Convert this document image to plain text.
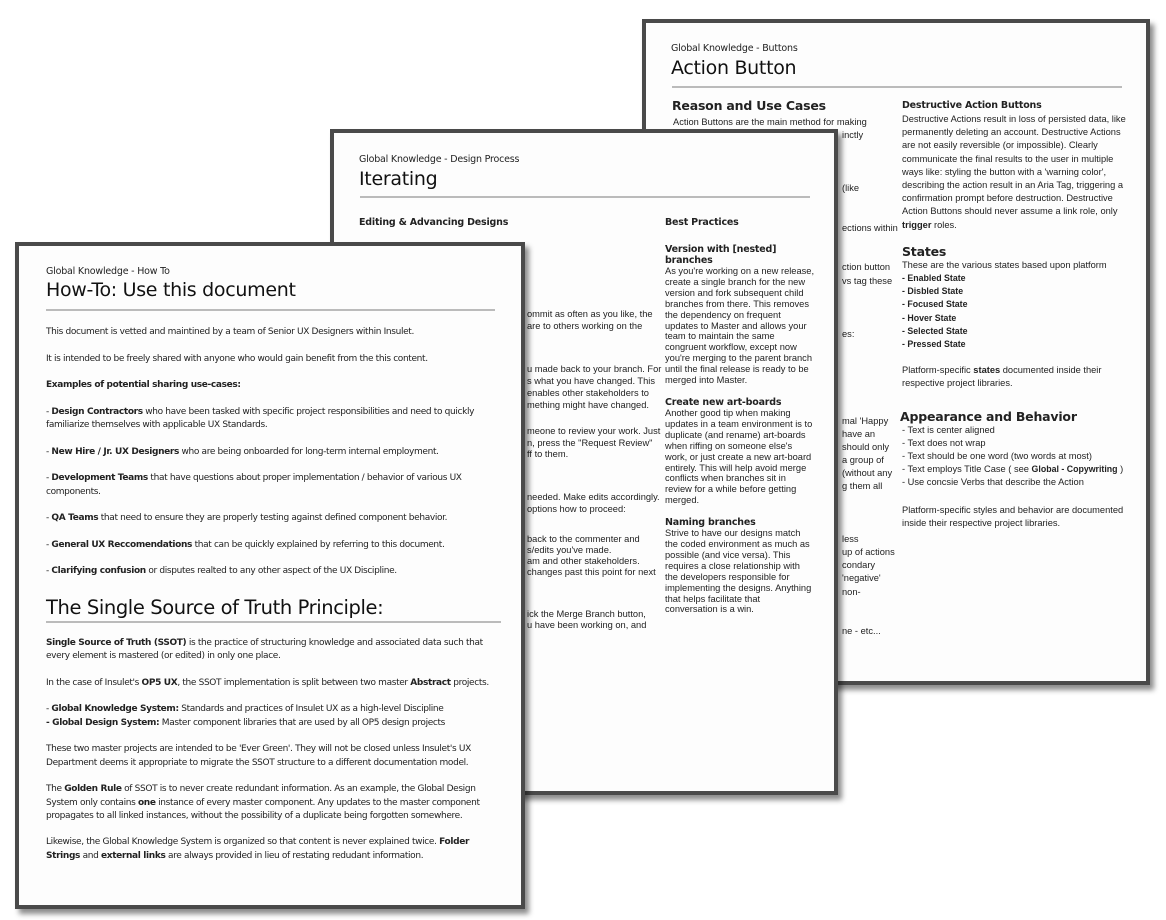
Global Knowledge - Buttons
Action Button
Reason and Use Cases
Action Buttons are the main method for making
inctly
(like
ections within
ction button
vs tag these
es:
mal 'Happy
have an
should only
a group of
(without any
g them all
less
up of actions
condary
'negative'
non-
ne - etc...
Destructive Action Buttons
Destructive Actions result in loss of persisted data, like permanently deleting an account. Destructive Actions are not easily reversible (or impossible). Clearly communicate the final results to the user in multiple ways like: styling the button with a 'warning color', describing the action result in an Aria Tag, triggering a confirmation prompt before destruction. Destructive Action Buttons should never assume a link role, only trigger roles.
States
These are the various states based upon platform
- Enabled State
- Disbled State
- Focused State
- Hover State
- Selected State
- Pressed State
Platform-specific states documented inside their respective project libraries.
Appearance and Behavior
- Text is center aligned
- Text does not wrap
- Text should be one word (two words at most)
- Text employs Title Case ( see Global - Copywriting )
- Use concsie Verbs that describe the Action
Platform-specific styles and behavior are documented inside their respective project libraries.
Global Knowledge - Design Process
Iterating
Editing & Advancing Designs
ommit as often as you like, the
are to others working on the
u made back to your branch. For
s what you have changed. This
enables other stakeholders to
mething might have changed.
meone to review your work. Just
n, press the "Request Review"
ff to them.
needed. Make edits accordingly.
options how to proceed:
back to the commenter and
s/edits you've made.
am and other stakeholders.
changes past this point for next
ick the Merge Branch button,
u have been working on, and
Best Practices
Version with [nested] branches
As you're working on a new release, create a single branch for the new version and fork subsequent child branches from there. This removes the dependency on frequent updates to Master and allows your team to maintain the same congruent workflow, except now you're merging to the parent branch until the final release is ready to be merged into Master.
Create new art-boards
Another good tip when making updates in a team environment is to duplicate (and rename) art-boards when riffing on someone else's work, or just create a new art-board entirely. This will help avoid merge conflicts when branches sit in review for a while before getting merged.
Naming branches
Strive to have our designs match the coded environment as much as possible (and vice versa). This requires a close relationship with the developers responsible for implementing the designs. Anything that helps facilitate that conversation is a win.
Global Knowledge - How To
How-To: Use this document

This document is vetted and maintined by a team of Senior UX Designers within Insulet.

It is intended to be freely shared with anyone who would gain benefit from the this content.

Examples of potential sharing use-cases:

- Design Contractors who have been tasked with specific project responsibilities and need to quickly familiarize themselves with applicable UX Standards.

- New Hire / Jr. UX Designers who are being onboarded for long-term internal employment.

- Development Teams that have questions about proper implementation / behavior of various UX components.

- QA Teams that need to ensure they are properly testing against defined component behavior.

- General UX Reccomendations that can be quickly explained by referring to this document.

- Clarifying confusion or disputes realted to any other aspect of the UX Discipline.

The Single Source of Truth Principle:

Single Source of Truth (SSOT) is the practice of structuring knowledge and associated data such that every element is mastered (or edited) in only one place.

In the case of Insulet's OP5 UX, the SSOT implementation is split between two master Abstract projects.

- Global Knowledge System: Standards and practices of Insulet UX as a high-level Discipline
- Global Design System: Master component libraries that are used by all OP5 design projects

These two master projects are intended to be 'Ever Green'. They will not be closed unless Insulet's UX Department deems it appropriate to migrate the SSOT structure to a different documentation model.

The Golden Rule of SSOT is to never create redundant information. As an example, the Global Design System only contains one instance of every master component. Any updates to the master component propagates to all linked instances, without the possibility of a duplicate being forgotten somewhere.

Likewise, the Global Knowledge System is organized so that content is never explained twice. Folder Strings and external links are always provided in lieu of restating redudant information.
